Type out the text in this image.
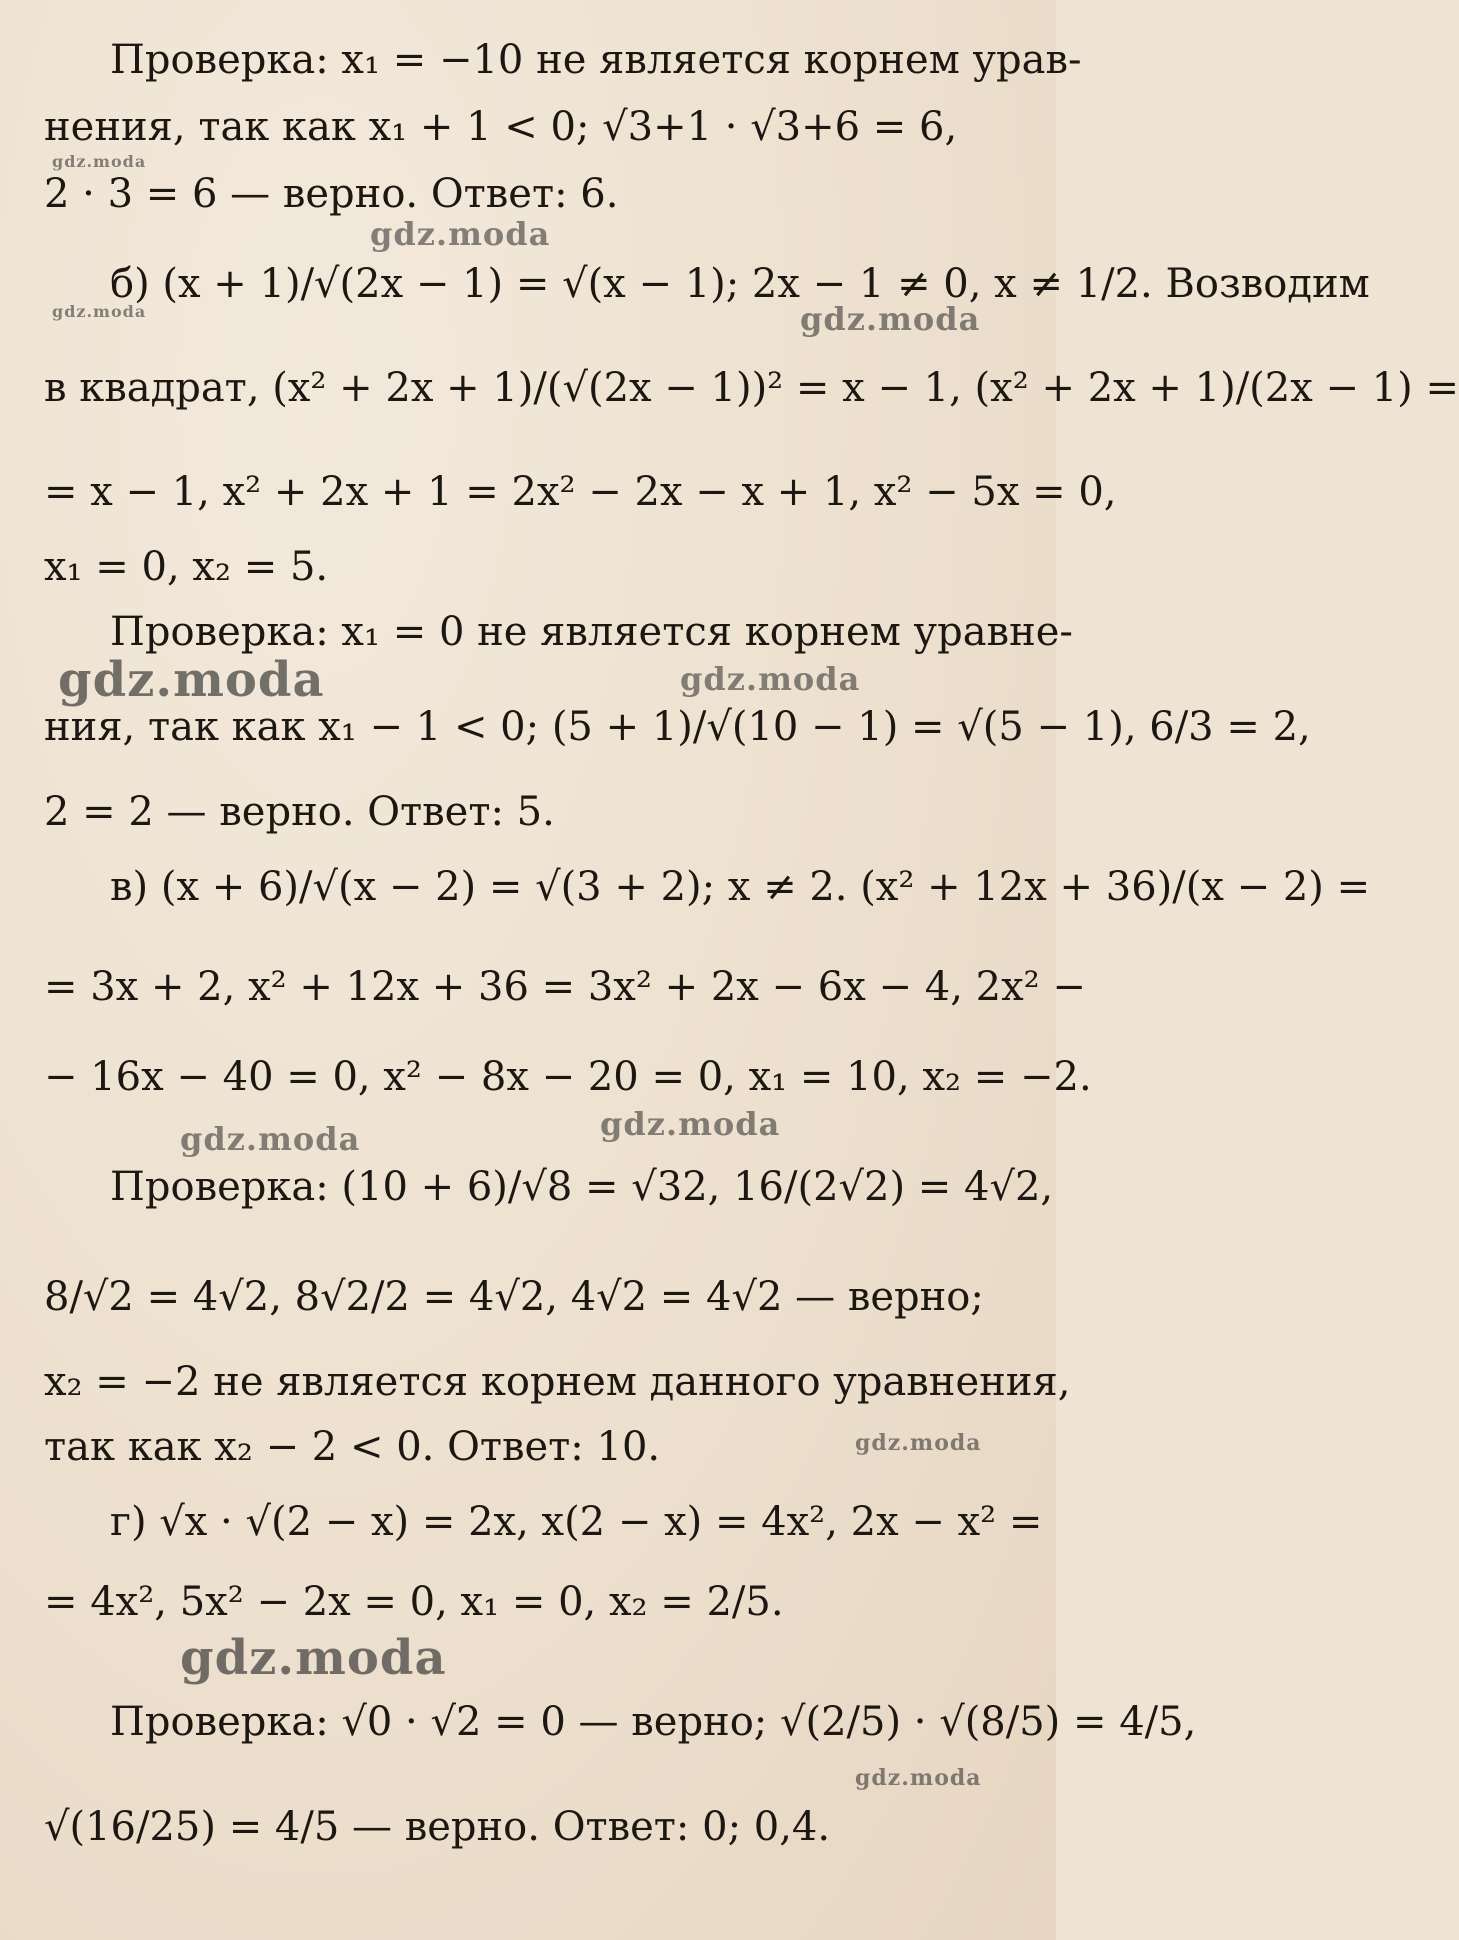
Проверка: x₁ = −10 не является корнем урав-
нения, так как x₁ + 1 < 0; √3+1 · √3+6 = 6,
2 · 3 = 6 — верно. Ответ: 6.
б) (x + 1)/√(2x − 1) = √(x − 1); 2x − 1 ≠ 0, x ≠ 1/2. Возводим
в квадрат, (x² + 2x + 1)/(√(2x − 1))² = x − 1, (x² + 2x + 1)/(2x − 1) =
= x − 1, x² + 2x + 1 = 2x² − 2x − x + 1, x² − 5x = 0,
x₁ = 0, x₂ = 5.
Проверка: x₁ = 0 не является корнем уравне-
ния, так как x₁ − 1 < 0; (5 + 1)/√(10 − 1) = √(5 − 1), 6/3 = 2,
2 = 2 — верно. Ответ: 5.
в) (x + 6)/√(x − 2) = √(3 + 2); x ≠ 2. (x² + 12x + 36)/(x − 2) =
= 3x + 2, x² + 12x + 36 = 3x² + 2x − 6x − 4, 2x² −
− 16x − 40 = 0, x² − 8x − 20 = 0, x₁ = 10, x₂ = −2.
Проверка: (10 + 6)/√8 = √32, 16/(2√2) = 4√2,
8/√2 = 4√2, 8√2/2 = 4√2, 4√2 = 4√2 — верно;
x₂ = −2 не является корнем данного уравнения,
так как x₂ − 2 < 0. Ответ: 10.
г) √x · √(2 − x) = 2x, x(2 − x) = 4x², 2x − x² =
= 4x², 5x² − 2x = 0, x₁ = 0, x₂ = 2/5.
Проверка: √0 · √2 = 0 — верно; √(2/5) · √(8/5) = 4/5,
√(16/25) = 4/5 — верно. Ответ: 0; 0,4.
gdz.moda
gdz.moda
gdz.moda	gdz.moda
gdz.moda	gdz.moda
gdz.moda	gdz.moda
gdz.moda
gdz.moda
gdz.moda
